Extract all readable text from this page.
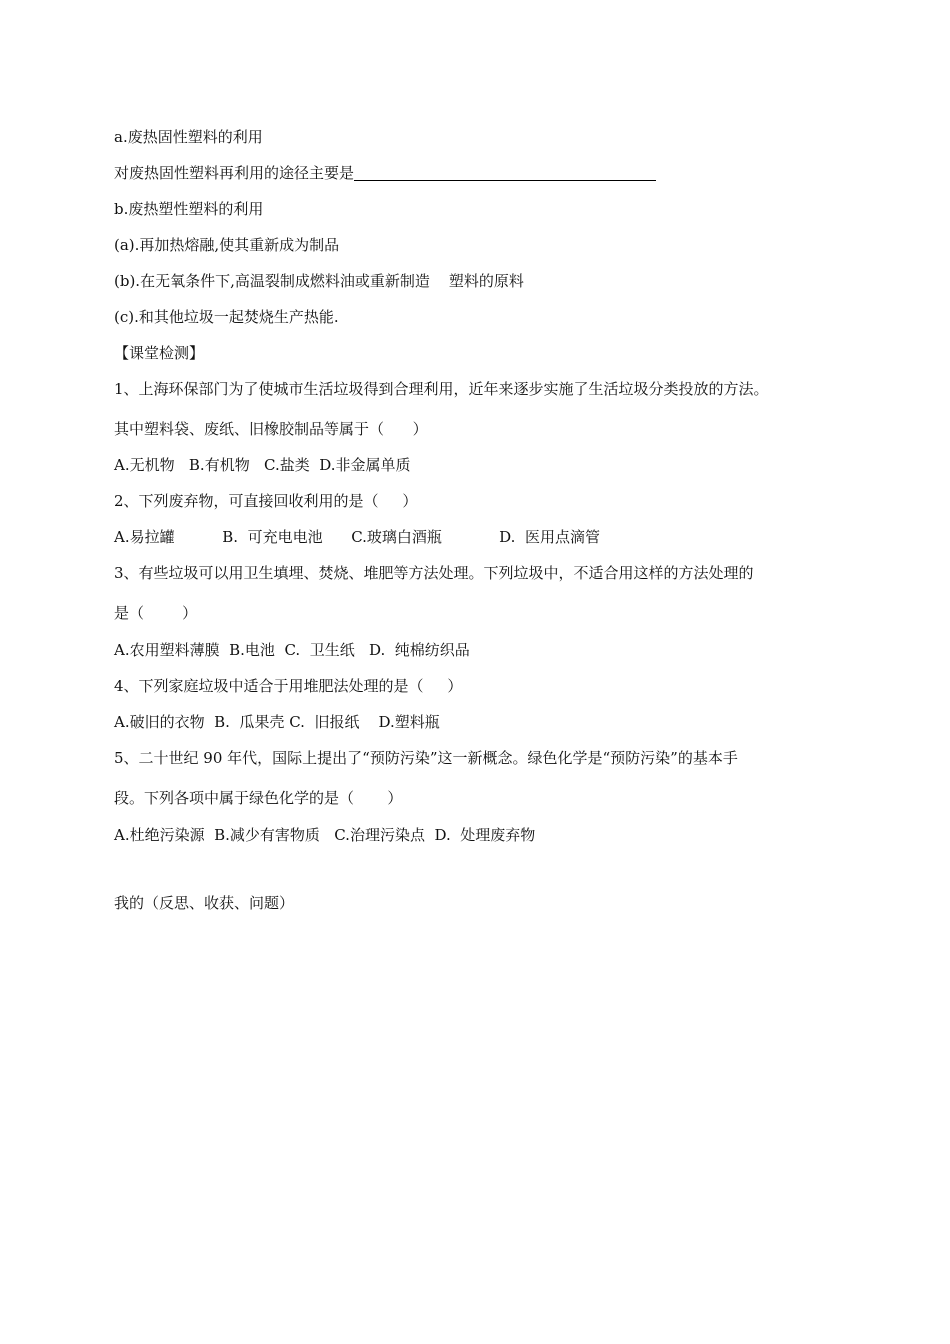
a.废热固性塑料的利用
对废热固性塑料再利用的途径主要是
b.废热塑性塑料的利用
(a).再加热熔融,使其重新成为制品
(b).在无氧条件下,高温裂制成燃料油或重新制造    塑料的原料
(c).和其他垃圾一起焚烧生产热能.
【课堂检测】
1、上海环保部门为了使城市生活垃圾得到合理利用，近年来逐步实施了生活垃圾分类投放的方法。
其中塑料袋、废纸、旧橡胶制品等属于（      ）
A.无机物   B.有机物   C.盐类  D.非金属单质
2、下列废弃物，可直接回收利用的是（     ）
A.易拉罐          B.  可充电电池      C.玻璃白酒瓶            D.  医用点滴管
3、有些垃圾可以用卫生填埋、焚烧、堆肥等方法处理。下列垃圾中，不适合用这样的方法处理的
是（        ）
A.农用塑料薄膜  B.电池  C.  卫生纸   D.  纯棉纺织品
4、下列家庭垃圾中适合于用堆肥法处理的是（     ）
A.破旧的衣物  B.  瓜果壳 C.  旧报纸    D.塑料瓶
5、二十世纪 90 年代，国际上提出了“预防污染”这一新概念。绿色化学是“预防污染”的基本手
段。下列各项中属于绿色化学的是（       ）
A.杜绝污染源  B.减少有害物质   C.治理污染点  D.  处理废弃物
我的（反思、收获、问题）
